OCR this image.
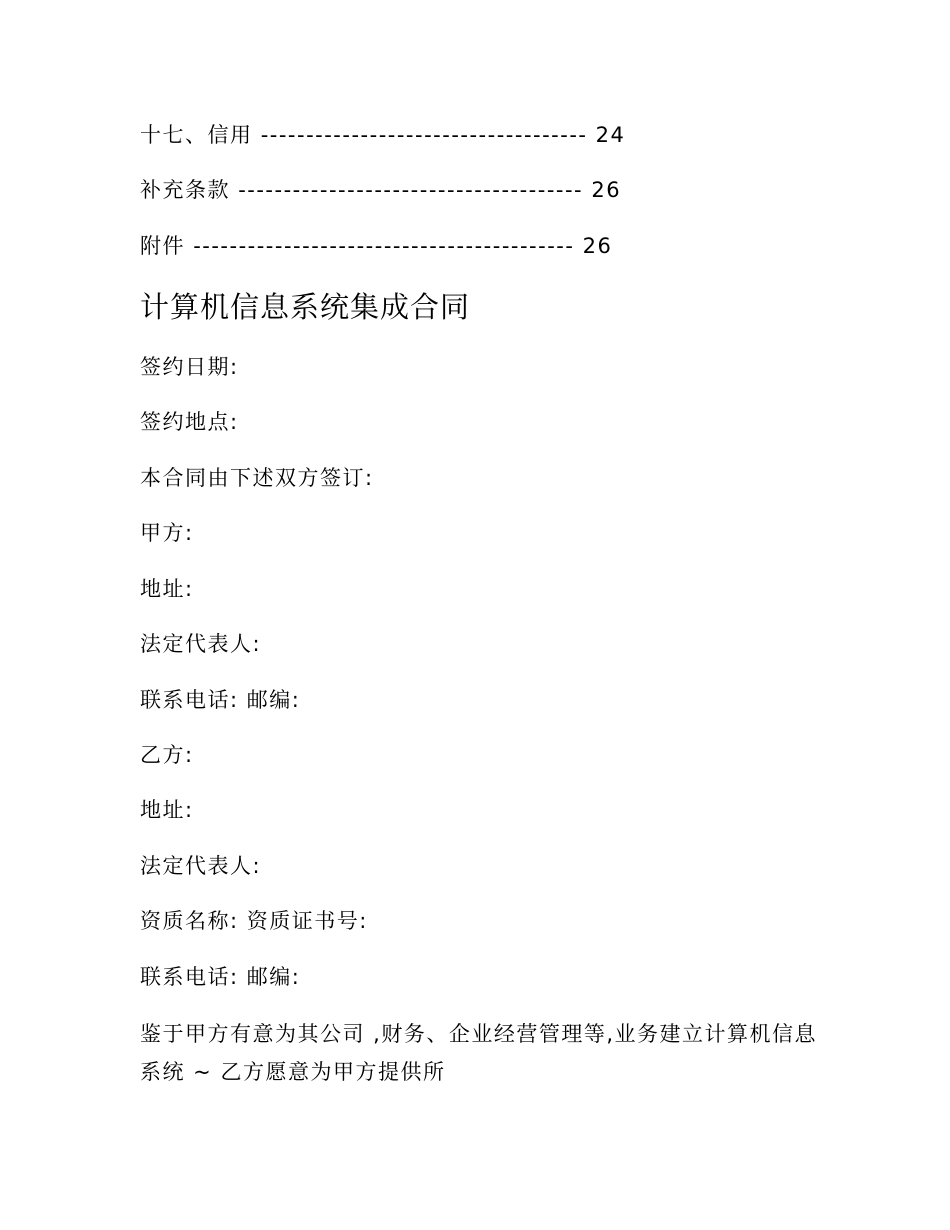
十七、信用 ------------------------------------ 24
补充条款 -------------------------------------- 26
附件 ------------------------------------------ 26
计算机信息系统集成合同
签约日期:
签约地点:
本合同由下述双方签订:
甲方:
地址:
法定代表人:
联系电话: 邮编:
乙方:
地址:
法定代表人:
资质名称: 资质证书号:
联系电话: 邮编:
鉴于甲方有意为其公司 ,财务、企业经营管理等,业务建立计算机信息系统 ~ 乙方愿意为甲方提供所
